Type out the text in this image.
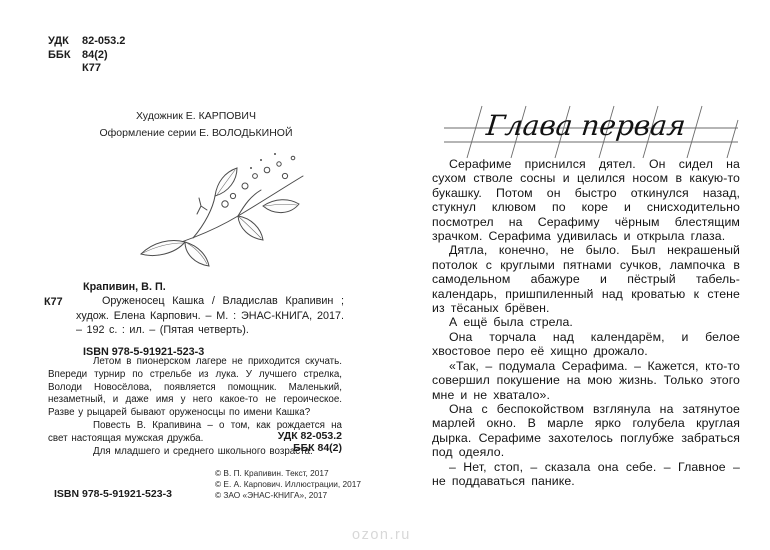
УДК	82-053.2
ББК	84(2)
К77
Художник Е. КАРПОВИЧ
Оформление серии Е. ВОЛОДЬКИНОЙ
Крапивин, В. П.
К77	Оруженосец Кашка / Владислав Крапивин ; худож. Елена Карпович. – М. : ЭНАС-КНИГА, 2017. – 192 с. : ил. – (Пятая четверть).

ISBN 978-5-91921-523-3

Летом в пионерском лагере не приходится скучать. Впереди турнир по стрельбе из лука. У лучшего стрелка, Володи Новосёлова, появляется помощник. Маленький, незаметный, и даже имя у него какое-то не героическое. Разве у рыцарей бывают оруженосцы по имени Кашка?

Повесть В. Крапивина – о том, как рождается на свет настоящая мужская дружба.

Для младшего и среднего школьного возраста.

УДК 82-053.2
ББК 84(2)
© В. П. Крапивин. Текст, 2017
© Е. А. Карпович. Иллюстрации, 2017
© ЗАО «ЭНАС-КНИГА», 2017
ISBN 978-5-91921-523-3
Глава первая

Серафиме приснился дятел. Он сидел на сухом стволе сосны и целился носом в какую-то букашку. Потом он быстро откинулся назад, стукнул клювом по коре и снисходительно посмотрел на Серафиму чёрным блестящим зрачком. Серафима удивилась и открыла глаза.

Дятла, конечно, не было. Был некрашеный потолок с круглыми пятнами сучков, лампочка в самодельном абажуре и пёстрый табель-календарь, пришпиленный над кроватью к стене из тёсаных брёвен.

А ещё была стрела.

Она торчала над календарём, и белое хвостовое перо её хищно дрожало.

«Так, – подумала Серафима. – Кажется, кто-то совершил покушение на мою жизнь. Только этого мне и не хватало».

Она с беспокойством взглянула на затянутое марлей окно. В марле ярко голубела круглая дырка. Серафиме захотелось поглубже забраться под одеяло.

– Нет, стоп, – сказала она себе. – Главное – не поддаваться панике.

ozon.ru
